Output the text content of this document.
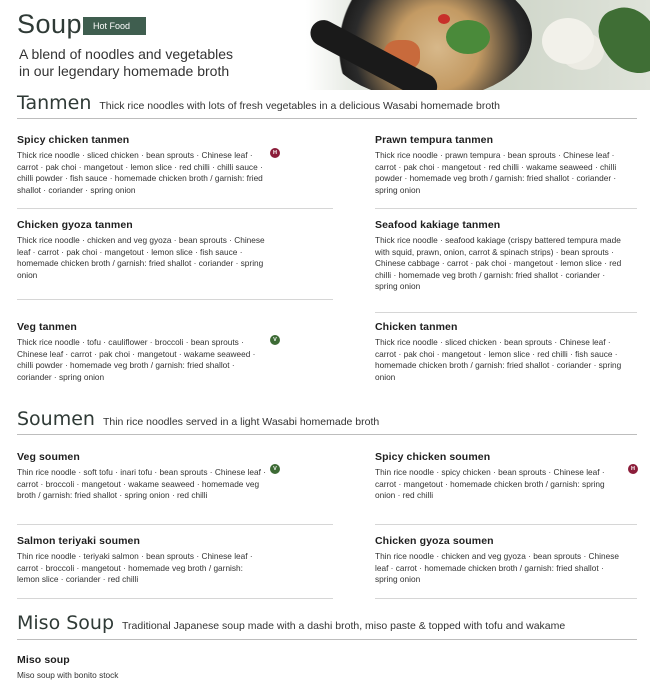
Soup	Hot Food
A blend of noodles and vegetables
in our legendary homemade broth
Tanmen Thick rice noodles with lots of fresh vegetables in a delicious Wasabi homemade broth
Spicy chicken tanmen
Thick rice noodle · sliced chicken · bean sprouts · Chinese leaf · carrot · pak choi · mangetout · lemon slice · red chilli · chilli sauce · chilli powder · fish sauce · homemade chicken broth / garnish: fried shallot · coriander · spring onion
H
Prawn tempura tanmen
Thick rice noodle · prawn tempura · bean sprouts · Chinese leaf · carrot · pak choi · mangetout · red chilli · wakame seaweed · chilli powder · homemade veg broth / garnish: fried shallot · coriander · spring onion
Chicken gyoza tanmen
Thick rice noodle · chicken and veg gyoza · bean sprouts · Chinese leaf · carrot · pak choi · mangetout · lemon slice · fish sauce · homemade chicken broth / garnish: fried shallot · coriander · spring onion
Seafood kakiage tanmen
Thick rice noodle · seafood kakiage (crispy battered tempura made with squid, prawn, onion, carrot & spinach strips) · bean sprouts · Chinese cabbage · carrot · pak choi · mangetout · lemon slice · red chilli · homemade veg broth / garnish: fried shallot · coriander · spring onion
Veg tanmen
Thick rice noodle · tofu · cauliflower · broccoli · bean sprouts · Chinese leaf · carrot · pak choi · mangetout · wakame seaweed · chilli powder · homemade veg broth / garnish: fried shallot · coriander · spring onion
V
Chicken tanmen
Thick rice noodle · sliced chicken · bean sprouts · Chinese leaf · carrot · pak choi · mangetout · lemon slice · red chilli · fish sauce · homemade chicken broth / garnish: fried shallot · coriander · spring onion
Soumen Thin rice noodles served in a light Wasabi homemade broth
Veg soumen
Thin rice noodle · soft tofu · inari tofu · bean sprouts · Chinese leaf · carrot · broccoli · mangetout · wakame seaweed · homemade veg broth / garnish: fried shallot · spring onion · red chilli
V
Spicy chicken soumen
Thin rice noodle · spicy chicken · bean sprouts · Chinese leaf · carrot · mangetout · homemade chicken broth / garnish: spring onion · red chilli
H
Salmon teriyaki soumen
Thin rice noodle · teriyaki salmon · bean sprouts · Chinese leaf · carrot · broccoli · mangetout · homemade veg broth / garnish: lemon slice · coriander · red chilli
Chicken gyoza soumen
Thin rice noodle · chicken and veg gyoza · bean sprouts · Chinese leaf · carrot · homemade chicken broth / garnish: fried shallot · spring onion
Miso Soup Traditional Japanese soup made with a dashi broth, miso paste & topped with tofu and wakame
Miso soup
Miso soup with bonito stock
